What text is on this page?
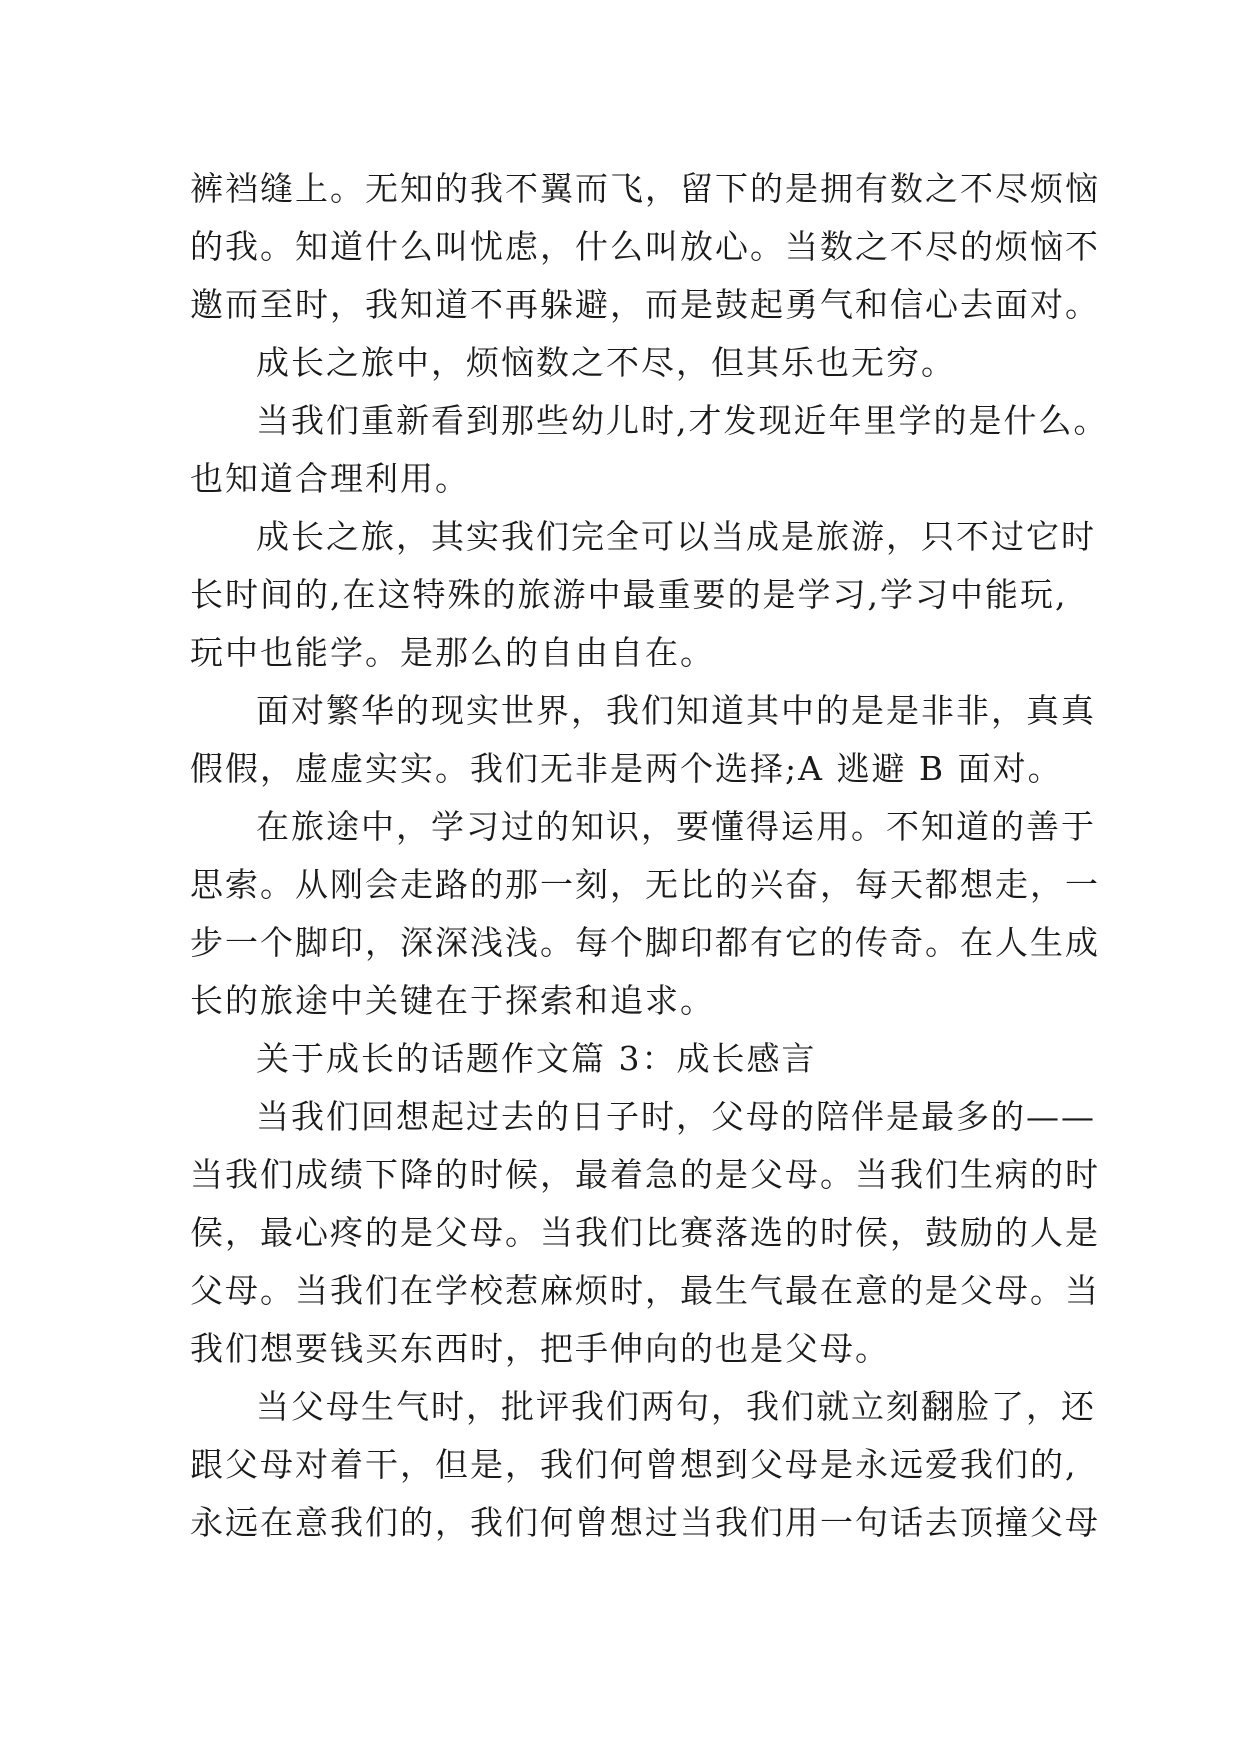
裤裆缝上。无知的我不翼而飞，留下的是拥有数之不尽烦恼
的我。知道什么叫忧虑，什么叫放心。当数之不尽的烦恼不
邀而至时，我知道不再躲避，而是鼓起勇气和信心去面对。
成长之旅中，烦恼数之不尽，但其乐也无穷。
当我们重新看到那些幼儿时,才发现近年里学的是什么。
也知道合理利用。
成长之旅，其实我们完全可以当成是旅游，只不过它时
长时间的,在这特殊的旅游中最重要的是学习,学习中能玩,
玩中也能学。是那么的自由自在。
面对繁华的现实世界，我们知道其中的是是非非，真真
假假，虚虚实实。我们无非是两个选择;A 逃避 B 面对。
在旅途中，学习过的知识，要懂得运用。不知道的善于
思索。从刚会走路的那一刻，无比的兴奋，每天都想走，一
步一个脚印，深深浅浅。每个脚印都有它的传奇。在人生成
长的旅途中关键在于探索和追求。
关于成长的话题作文篇 3：成长感言
当我们回想起过去的日子时，父母的陪伴是最多的——
当我们成绩下降的时候，最着急的是父母。当我们生病的时
侯，最心疼的是父母。当我们比赛落选的时侯，鼓励的人是
父母。当我们在学校惹麻烦时，最生气最在意的是父母。当
我们想要钱买东西时，把手伸向的也是父母。
当父母生气时，批评我们两句，我们就立刻翻脸了，还
跟父母对着干，但是，我们何曾想到父母是永远爱我们的,
永远在意我们的，我们何曾想过当我们用一句话去顶撞父母
